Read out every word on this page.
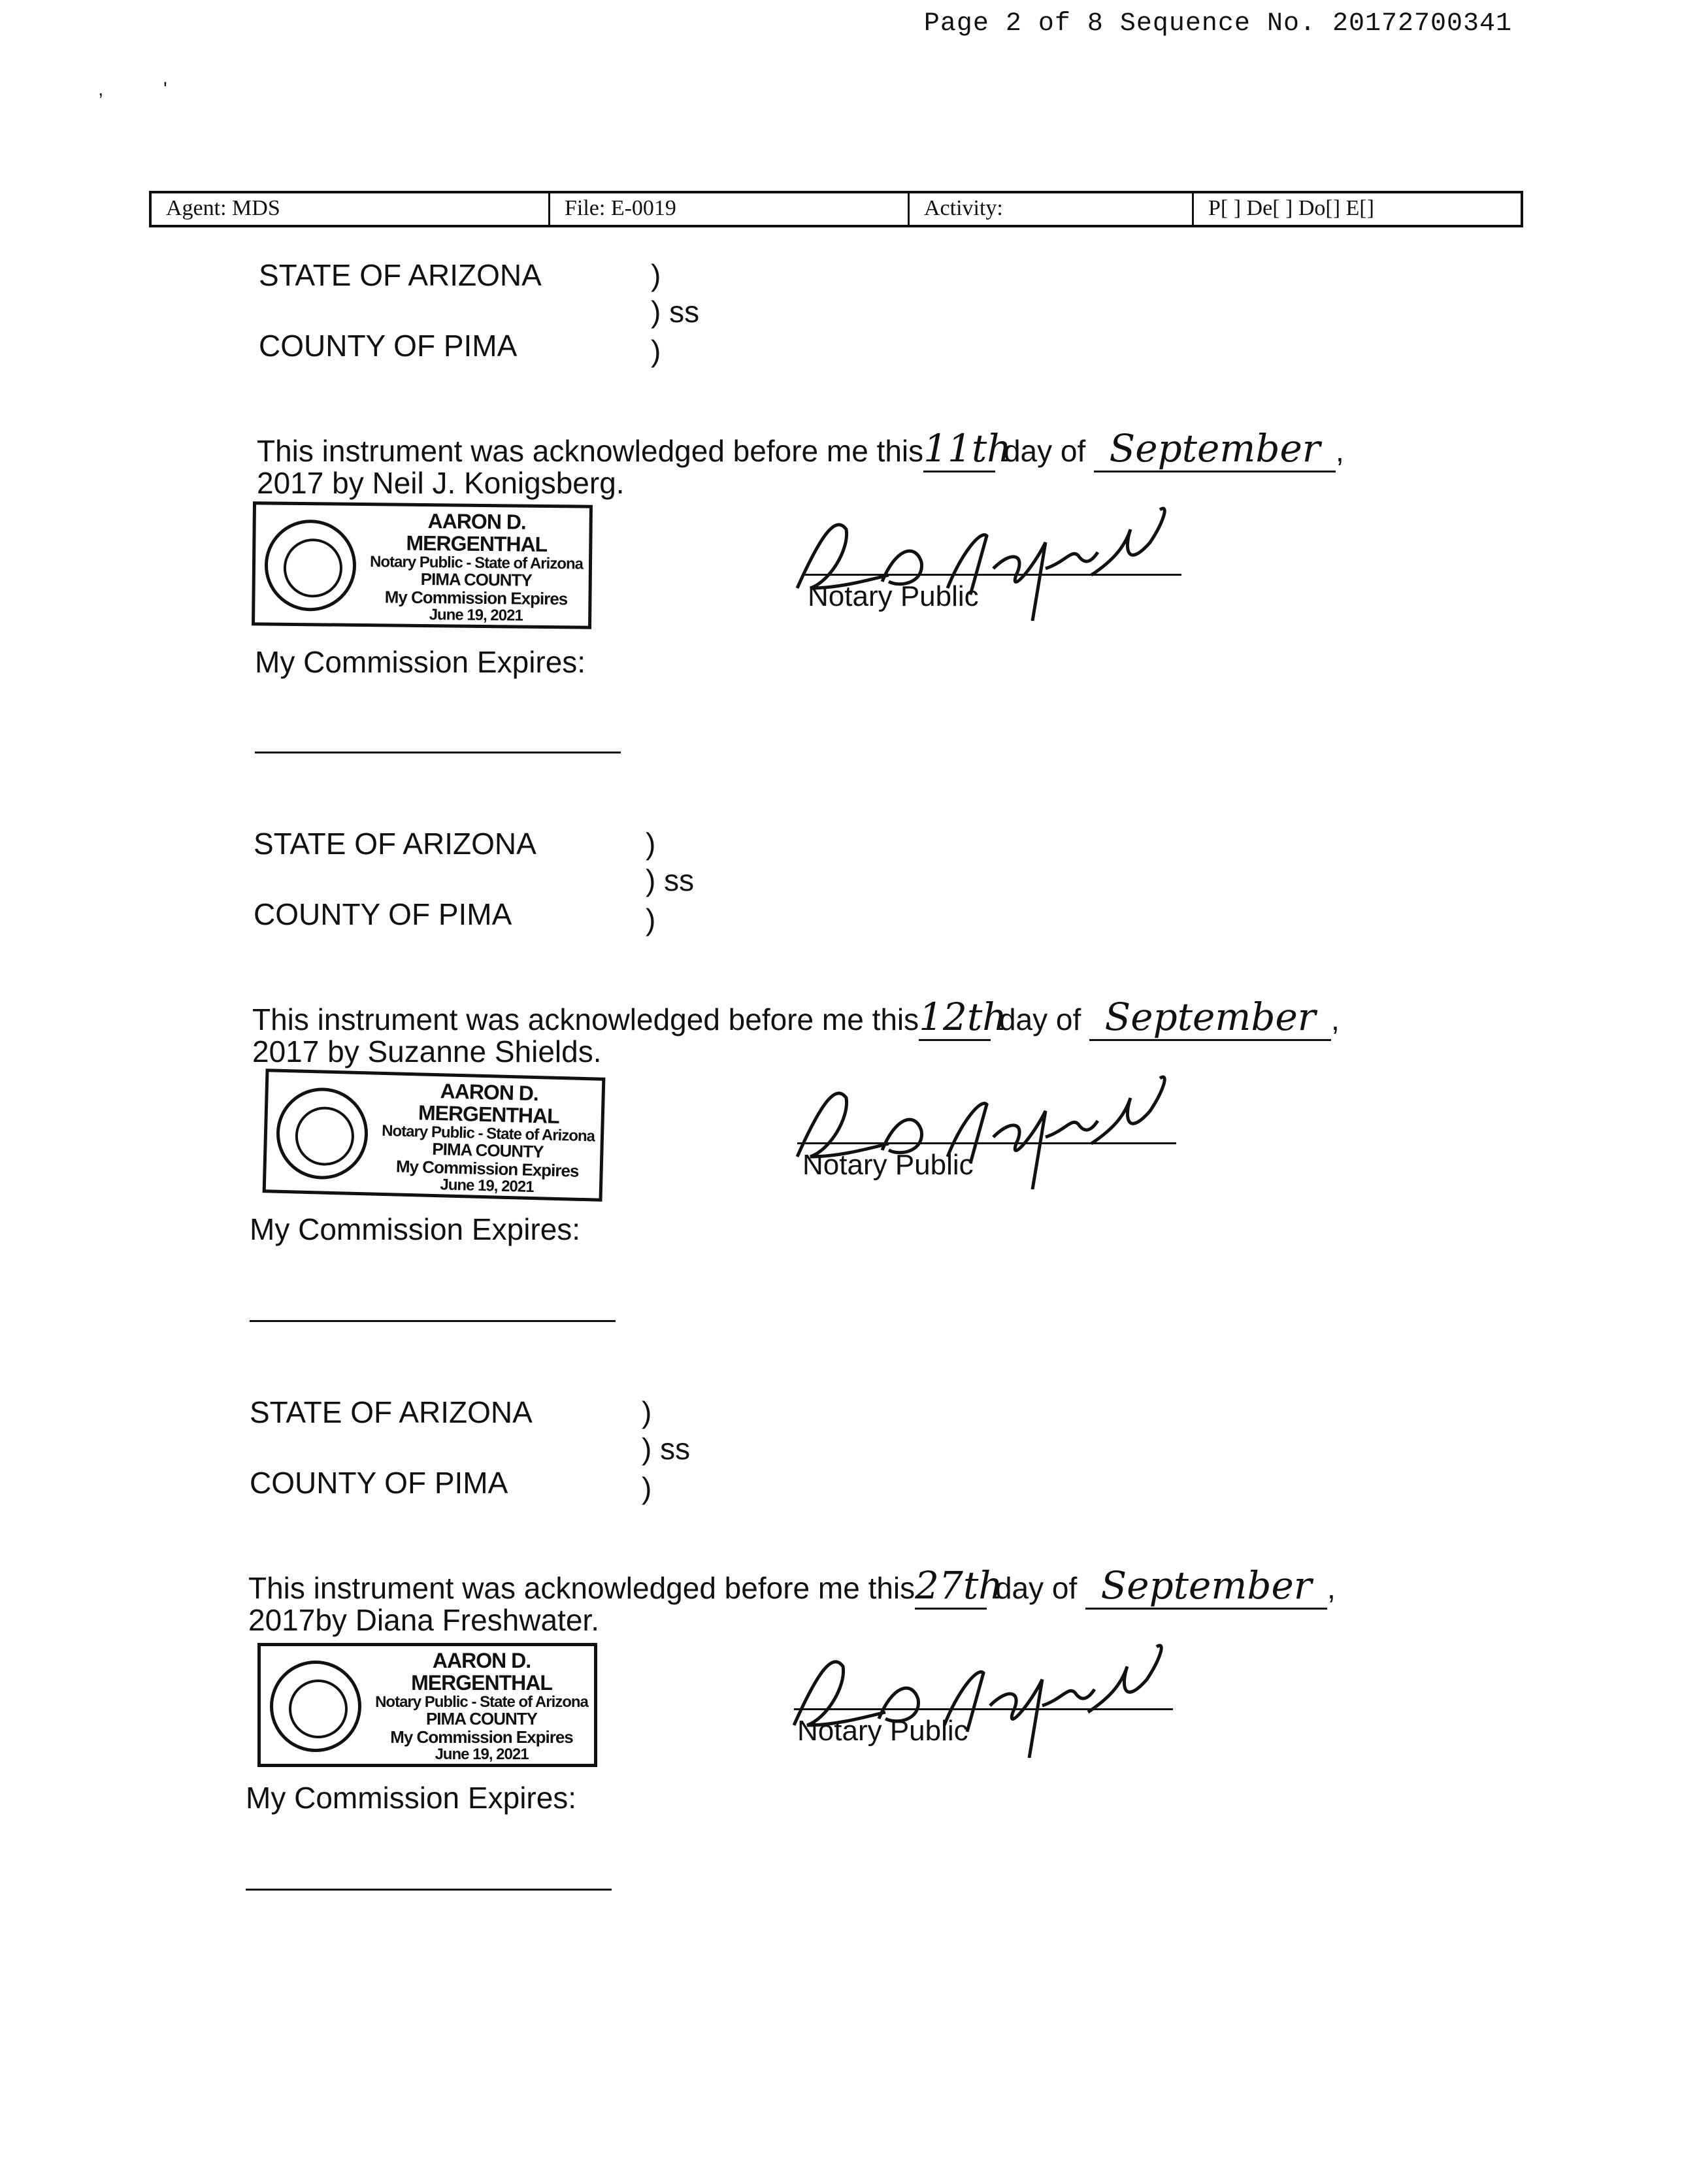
Page 2 of 8 Sequence No. 20172700341
,           '
Agent: MDS	File: E-0019	Activity:	P[ ] De[ ] Do[] E[]
STATE OF ARIZONA	)
) ss
COUNTY OF PIMA	)
This instrument was acknowledged before me this11th day of September ,
2017 by Neil J. Konigsberg.
AARON D. MERGENTHAL
Notary Public - State of Arizona
PIMA COUNTY
My Commission Expires
June 19, 2021
Notary Public
My Commission Expires:
STATE OF ARIZONA	)
) ss
COUNTY OF PIMA	)
This instrument was acknowledged before me this12th day of September ,
2017 by Suzanne Shields.
AARON D. MERGENTHAL
Notary Public - State of Arizona
PIMA COUNTY
My Commission Expires
June 19, 2021
Notary Public
My Commission Expires:
STATE OF ARIZONA	)
) ss
COUNTY OF PIMA	)
This instrument was acknowledged before me this27th day of September ,
2017by Diana Freshwater.
AARON D. MERGENTHAL
Notary Public - State of Arizona
PIMA COUNTY
My Commission Expires
June 19, 2021
Notary Public
My Commission Expires:
